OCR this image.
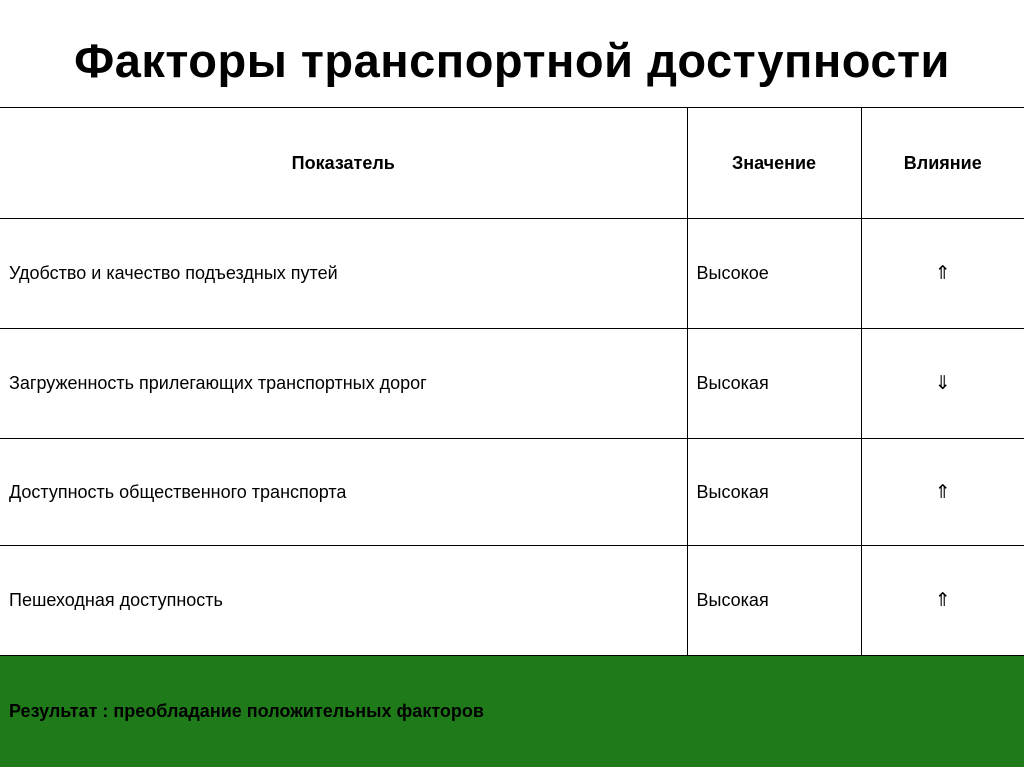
Факторы транспортной доступности
Показатель	Значение	Влияние
Удобство и качество подъездных путей	Высокое	⇑
Загруженность прилегающих транспортных дорог	Высокая	⇓
Доступность общественного транспорта	Высокая	⇑
Пешеходная доступность	Высокая	⇑
Результат : преобладание положительных факторов
